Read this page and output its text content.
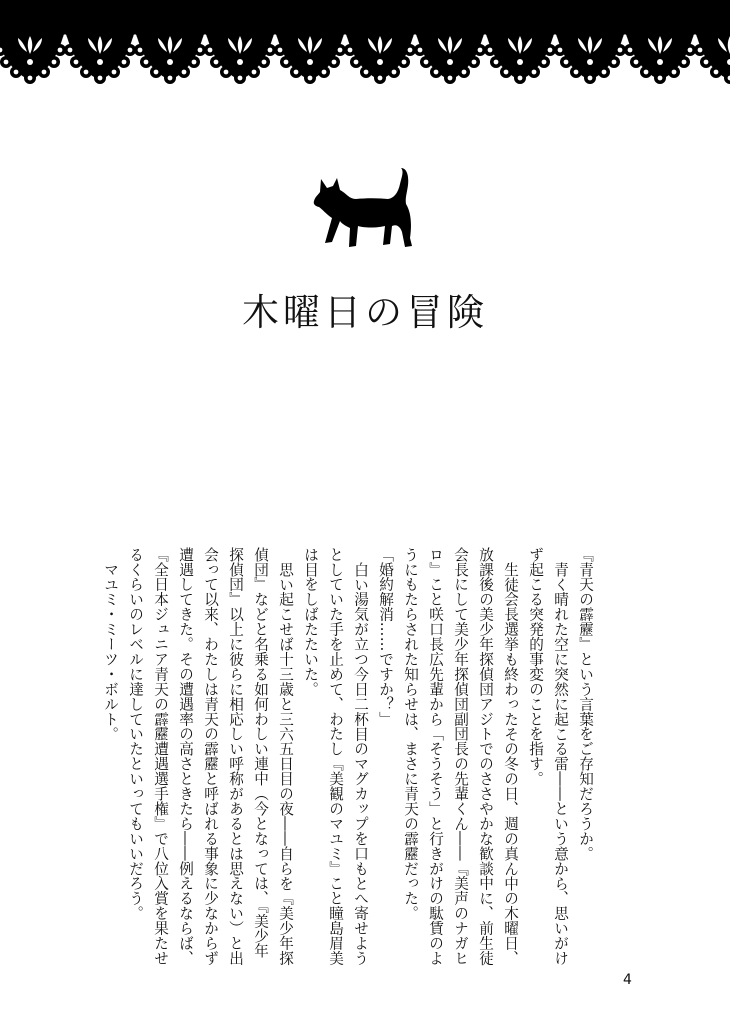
木曜日の冒険

『青天の霹靂』という言葉をご存知だろうか。

青く晴れた空に突然に起こる雷――という意から、思いがけず起こる突発的事変のことを指す。

生徒会長選挙も終わったその冬の日、週の真ん中の木曜日、放課後の美少年探偵団アジトでのささやかな歓談中に、前生徒会長にして美少年探偵団副団長の先輩くん――『美声のナガヒロ』こと咲口長広先輩から「そうそう」と行きがけの駄賃のようにもたらされた知らせは、まさに青天の霹靂だった。

「婚約解消……ですか？」

白い湯気が立つ今日二杯目のマグカップを口もとへ寄せようとしていた手を止めて、わたし『美観のマユミ』こと瞳島眉美は目をしばたたいた。

思い起こせば十三歳と三六五日目の夜――自らを『美少年探偵団』などと名乗る如何わしい連中（今となっては、『美少年探偵団』以上に彼らに相応しい呼称があるとは思えない）と出会って以来、わたしは青天の霹靂と呼ばれる事象に少なからず遭遇してきた。その遭遇率の高さときたら――例えるならば、『全日本ジュニア青天の霹靂遭遇選手権』で八位入賞を果たせるくらいのレベルに達していたといってもいいだろう。

マユミ・ミーツ・ボルト。

4
